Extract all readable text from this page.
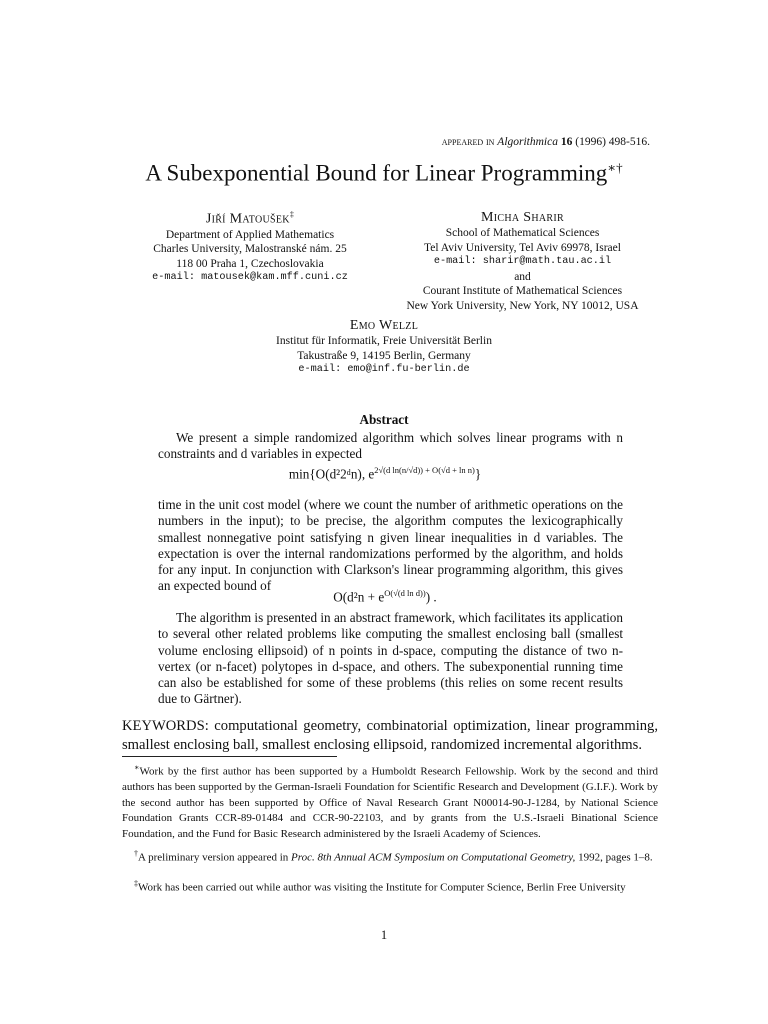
appeared in Algorithmica 16 (1996) 498-516.
A Subexponential Bound for Linear Programming∗†
Jiří Matoušek‡
Department of Applied Mathematics
Charles University, Malostranské nám. 25
118 00 Praha 1, Czechoslovakia
e-mail: matousek@kam.mff.cuni.cz
Micha Sharir
School of Mathematical Sciences
Tel Aviv University, Tel Aviv 69978, Israel
e-mail: sharir@math.tau.ac.il
and
Courant Institute of Mathematical Sciences
New York University, New York, NY 10012, USA
Emo Welzl
Institut für Informatik, Freie Universität Berlin
Takustraße 9, 14195 Berlin, Germany
e-mail: emo@inf.fu-berlin.de
Abstract
We present a simple randomized algorithm which solves linear programs with n constraints and d variables in expected
min{O(d²2ᵈn), $e^{2√(d ln(n/√d)) + O(√d + ln n)}$}
time in the unit cost model (where we count the number of arithmetic operations on the numbers in the input); to be precise, the algorithm computes the lexicographically smallest nonnegative point satisfying n given linear inequalities in d variables. The expectation is over the internal randomizations performed by the algorithm, and holds for any input. In conjunction with Clarkson's linear programming algorithm, this gives an expected bound of
$O(d^2n + e^{O(√(d ln d))})$ .
The algorithm is presented in an abstract framework, which facilitates its application to several other related problems like computing the smallest enclosing ball (smallest volume enclosing ellipsoid) of n points in d-space, computing the distance of two n-vertex (or n-facet) polytopes in d-space, and others. The subexponential running time can also be established for some of these problems (this relies on some recent results due to Gärtner).
KEYWORDS: computational geometry, combinatorial optimization, linear programming, smallest enclosing ball, smallest enclosing ellipsoid, randomized incremental algorithms.
∗Work by the first author has been supported by a Humboldt Research Fellowship. Work by the second and third authors has been supported by the German-Israeli Foundation for Scientific Research and Development (G.I.F.). Work by the second author has been supported by Office of Naval Research Grant N00014-90-J-1284, by National Science Foundation Grants CCR-89-01484 and CCR-90-22103, and by grants from the U.S.-Israeli Binational Science Foundation, and the Fund for Basic Research administered by the Israeli Academy of Sciences.
†A preliminary version appeared in Proc. 8th Annual ACM Symposium on Computational Geometry, 1992, pages 1–8.
‡Work has been carried out while author was visiting the Institute for Computer Science, Berlin Free University
1
